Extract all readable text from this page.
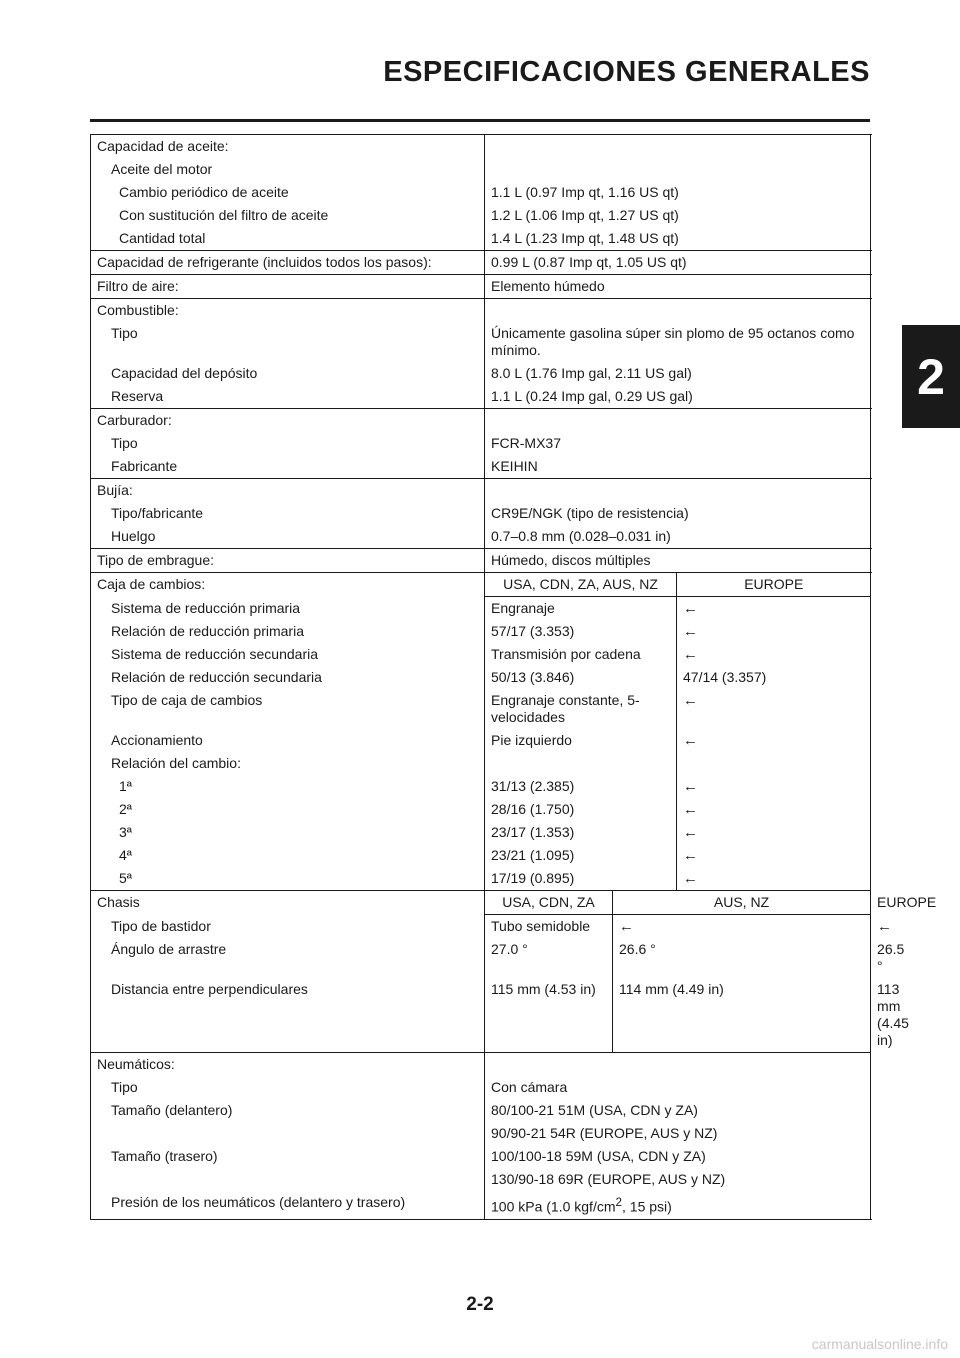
ESPECIFICACIONES GENERALES
2
Capacidad de aceite:				
Aceite del motor				
Cambio periódico de aceite	1.1 L (0.97 Imp qt, 1.16 US qt)			
Con sustitución del filtro de aceite	1.2 L (1.06 Imp qt, 1.27 US qt)			
Cantidad total	1.4 L (1.23 Imp qt, 1.48 US qt)			
Capacidad de refrigerante (incluidos todos los pasos):	0.99 L (0.87 Imp qt, 1.05 US qt)			
Filtro de aire:	Elemento húmedo			
Combustible:				
Tipo	Únicamente gasolina súper sin plomo de 95 octanos como mínimo.			
Capacidad del depósito	8.0 L (1.76 Imp gal, 2.11 US gal)			
Reserva	1.1 L (0.24 Imp gal, 0.29 US gal)			
Carburador:				
Tipo	FCR-MX37			
Fabricante	KEIHIN			
Bujía:				
Tipo/fabricante	CR9E/NGK (tipo de resistencia)			
Huelgo	0.7–0.8 mm (0.028–0.031 in)			
Tipo de embrague:	Húmedo, discos múltiples			
Caja de cambios:	USA, CDN, ZA, AUS, NZ		EUROPE	
Sistema de reducción primaria	Engranaje		←	
Relación de reducción primaria	57/17 (3.353)		←	
Sistema de reducción secundaria	Transmisión por cadena		←	
Relación de reducción secundaria	50/13 (3.846)		47/14 (3.357)	
Tipo de caja de cambios	Engranaje constante, 5-velocidades		←	
Accionamiento	Pie izquierdo		←	
Relación del cambio:				
1ª	31/13 (2.385)		←	
2ª	28/16 (1.750)		←	
3ª	23/17 (1.353)		←	
4ª	23/21 (1.095)		←	
5ª	17/19 (0.895)		←	
Chasis	USA, CDN, ZA	AUS, NZ		EUROPE
Tipo de bastidor	Tubo semidoble	←		←
Ángulo de arrastre	27.0 °	26.6 °		26.5 °
Distancia entre perpendiculares	115 mm (4.53 in)	114 mm (4.49 in)		113 mm (4.45 in)
Neumáticos:				
Tipo	Con cámara			
Tamaño (delantero)	80/100-21 51M (USA, CDN y ZA)			
	90/90-21 54R (EUROPE, AUS y NZ)			
Tamaño (trasero)	100/100-18 59M (USA, CDN y ZA)			
	130/90-18 69R (EUROPE, AUS y NZ)			
Presión de los neumáticos (delantero y trasero)	100 kPa (1.0 kgf/$cm^2$, 15 psi)			
2-2
carmanualsonline.info
